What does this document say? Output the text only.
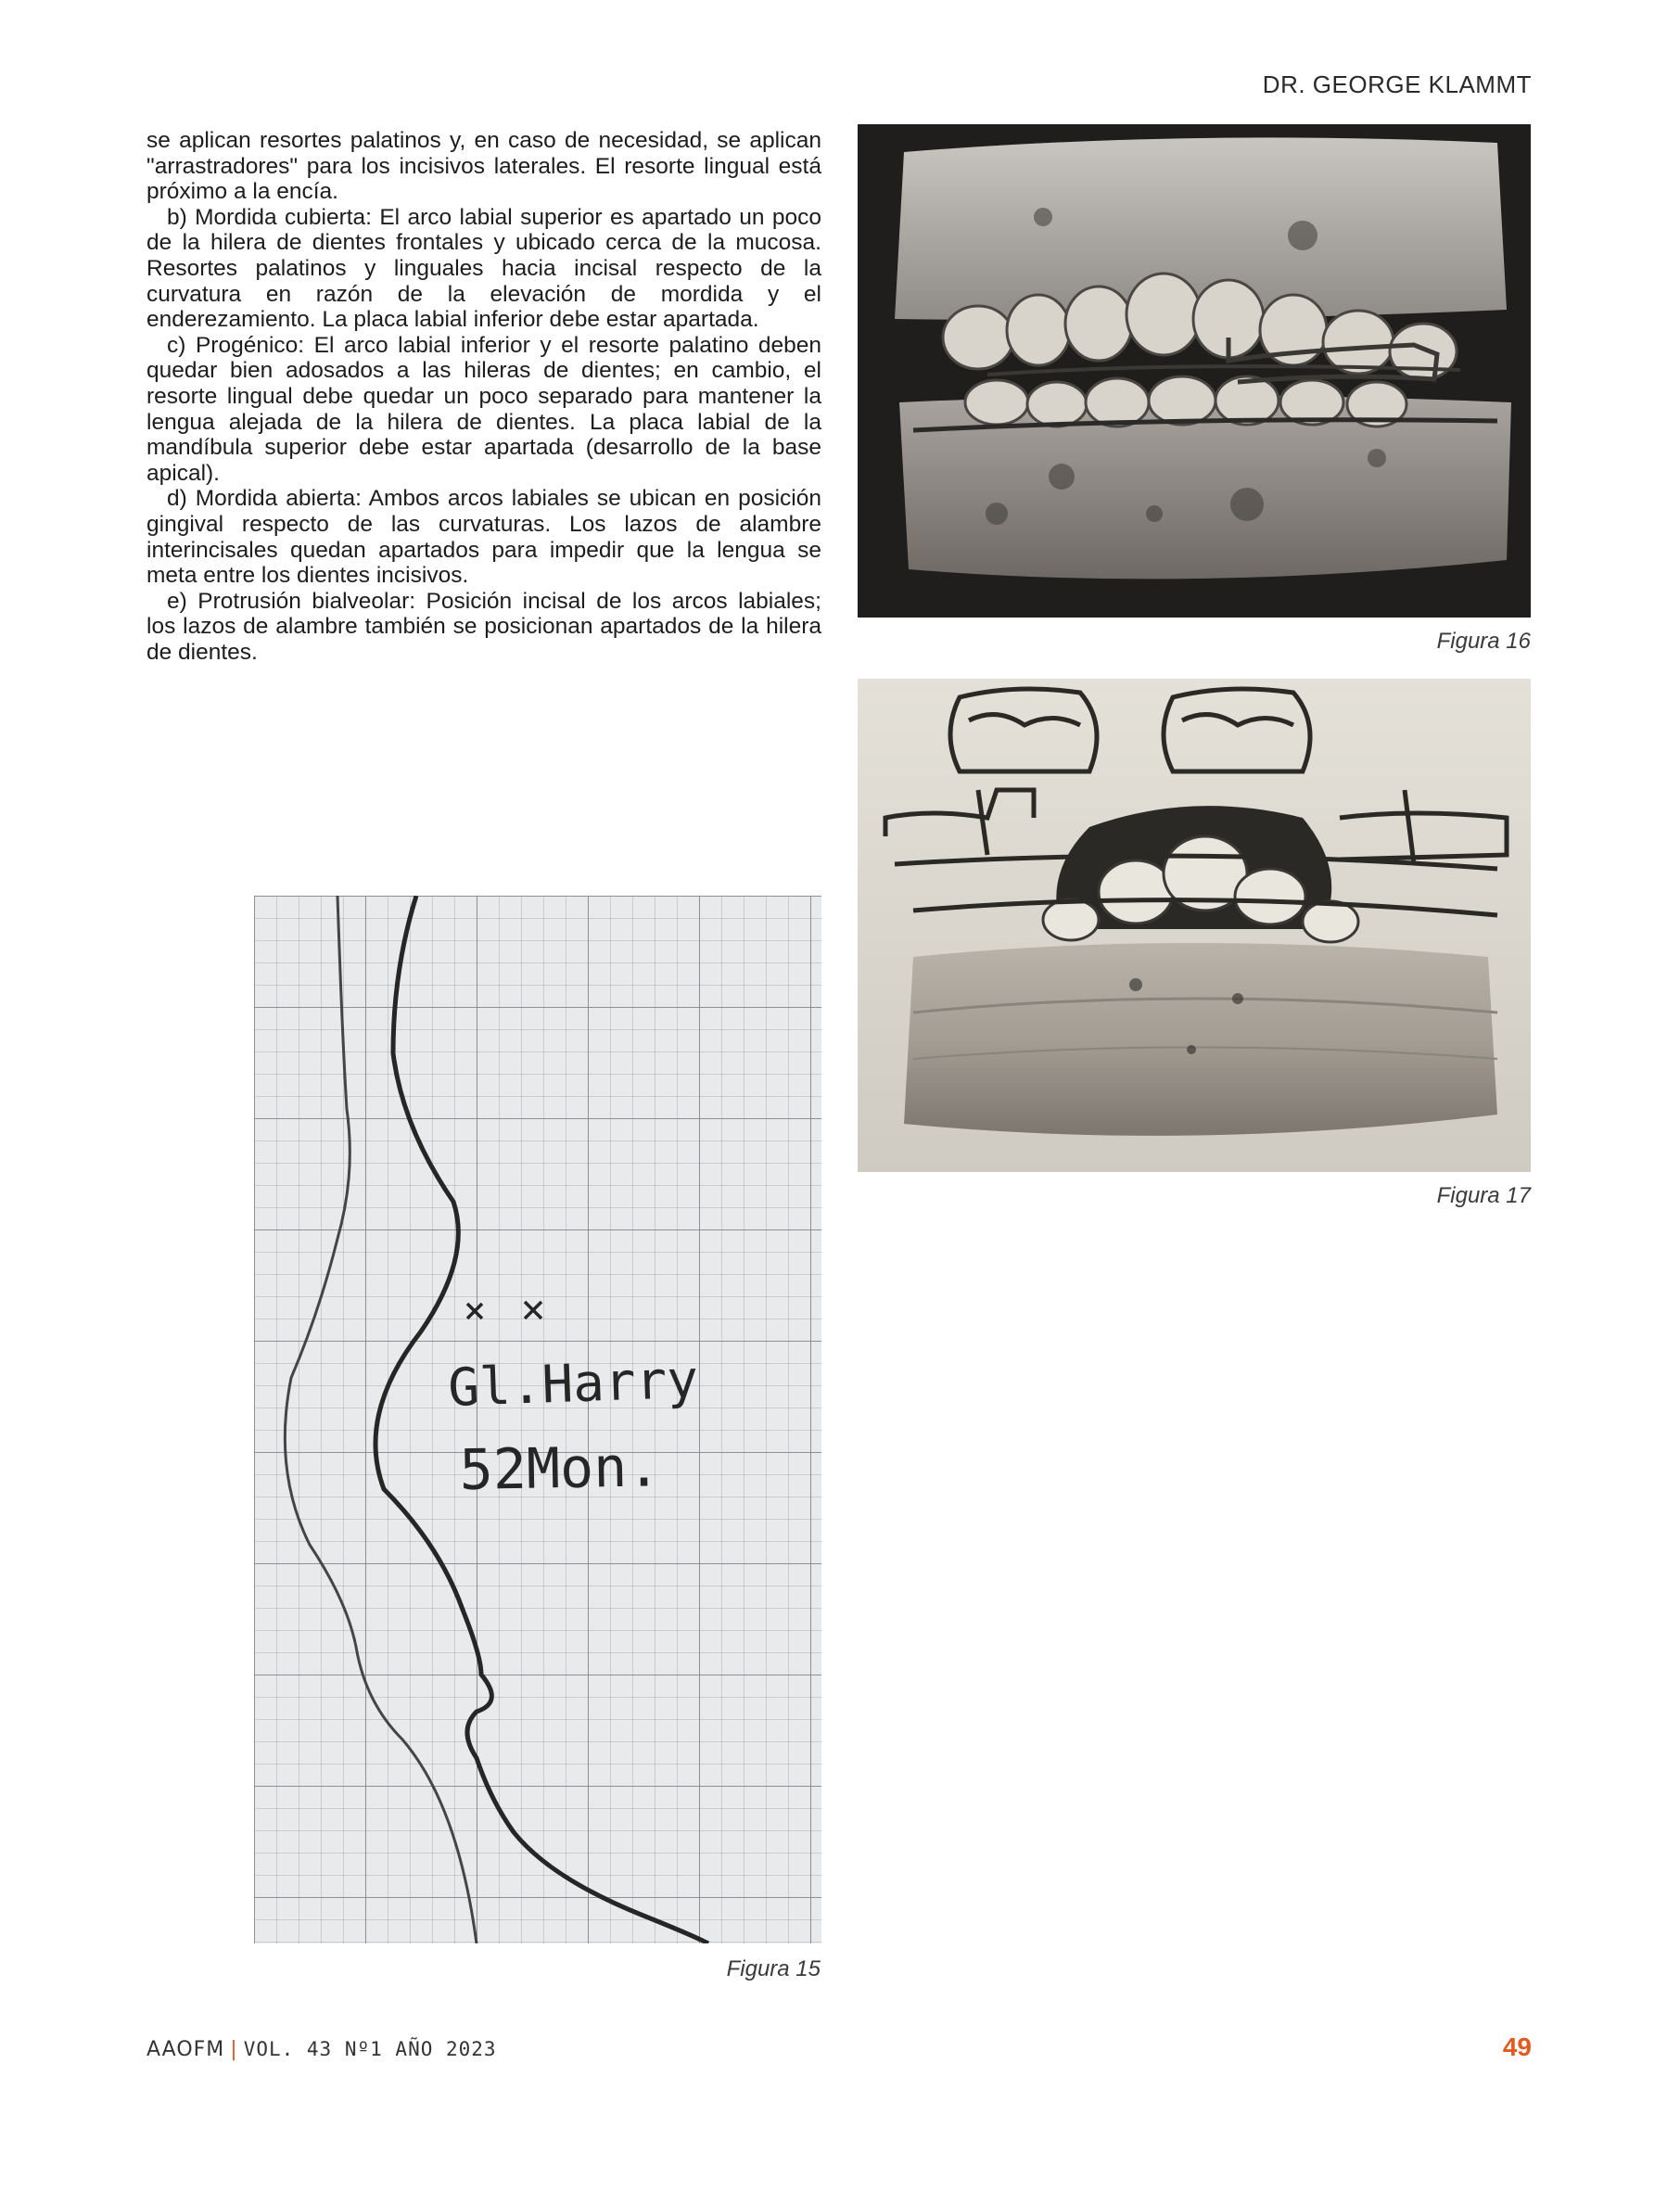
DR. GEORGE KLAMMT

se aplican resortes palatinos y, en caso de necesidad, se aplican "arrastradores" para los incisivos laterales. El resorte lingual está próximo a la encía.

b) Mordida cubierta: El arco labial superior es apartado un poco de la hilera de dientes frontales y ubicado cerca de la mucosa. Resortes palatinos y linguales hacia incisal respecto de la curvatura en razón de la elevación de mordida y el enderezamiento. La placa labial inferior debe estar apartada.

c) Progénico: El arco labial inferior y el resorte palatino deben quedar bien adosados a las hileras de dientes; en cambio, el resorte lingual debe quedar un poco separado para mantener la lengua alejada de la hilera de dientes. La placa labial de la mandíbula superior debe estar apartada (desarrollo de la base apical).

d) Mordida abierta: Ambos arcos labiales se ubican en posición gingival respecto de las curvaturas. Los lazos de alambre interincisales quedan apartados para impedir que la lengua se meta entre los dientes incisivos.

e) Protrusión bialveolar: Posición incisal de los arcos labiales; los lazos de alambre también se posicionan apartados de la hilera de dientes.	Figura 16
Figura 17
Gl.Harry
52Mon.
Figura 15
AAOFM | VOL. 43 Nº1 AÑO 2023	49
